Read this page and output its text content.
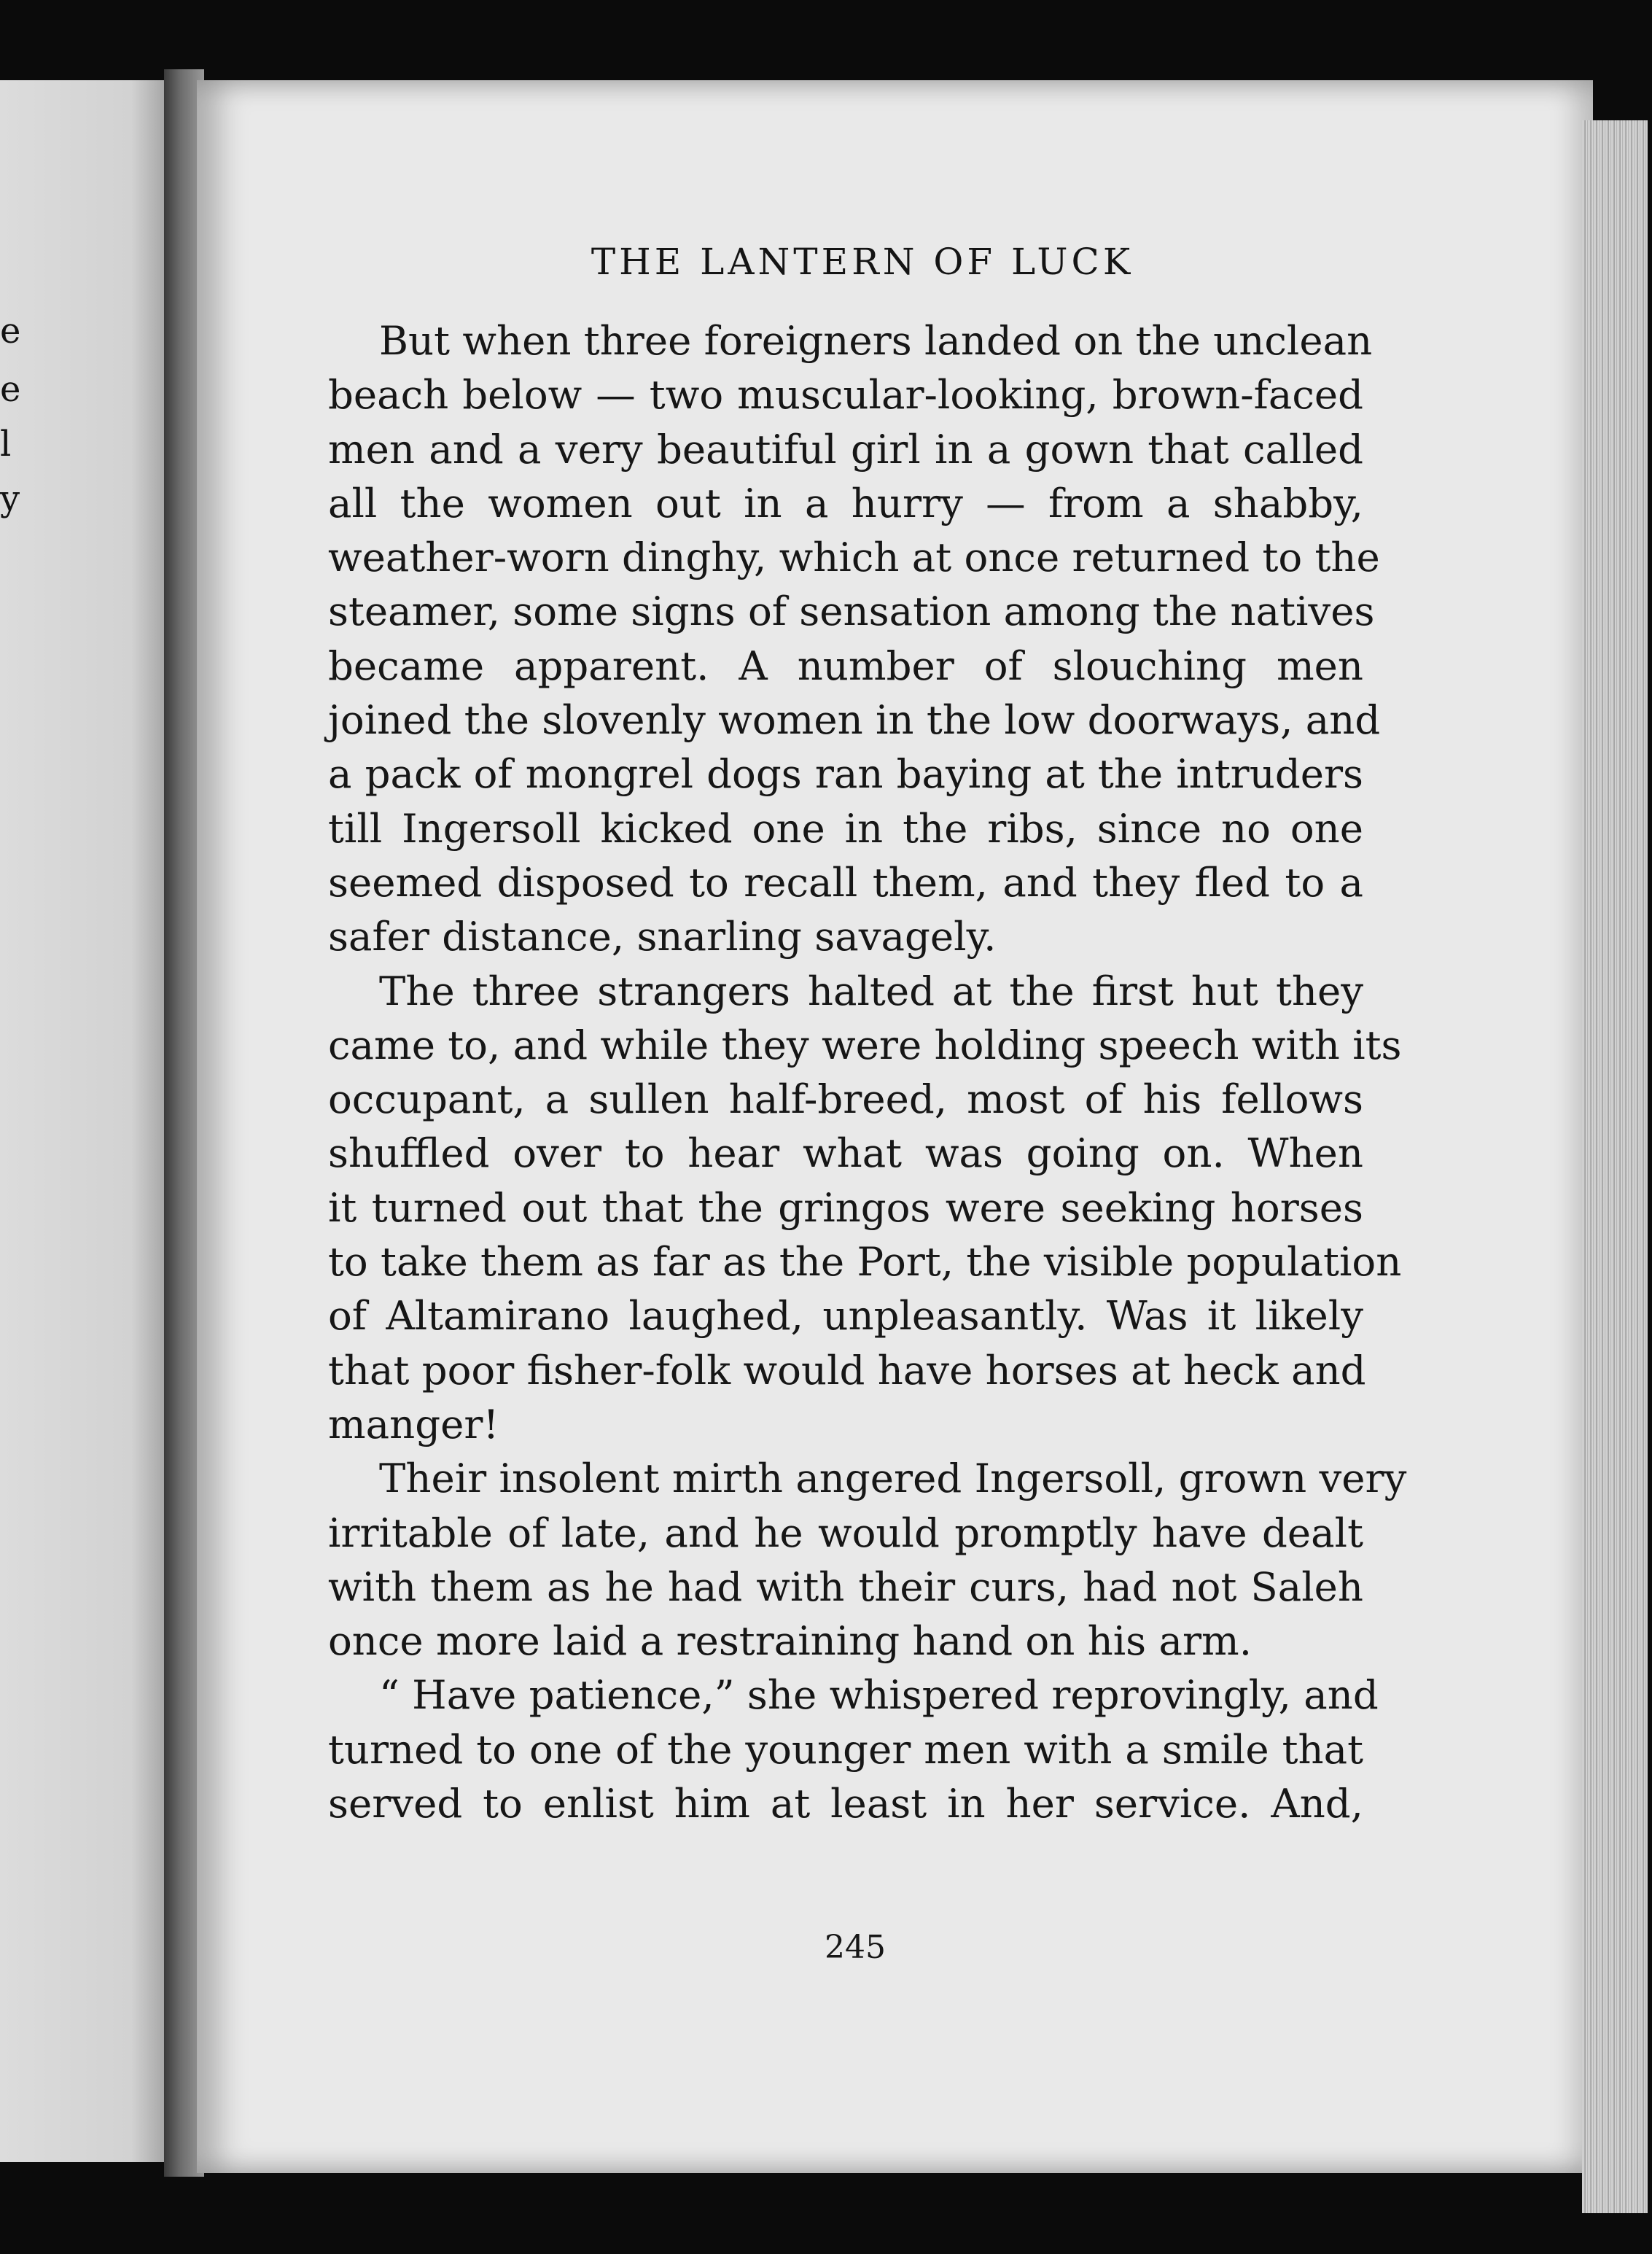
e
e
l
y
THE LANTERN OF LUCK
But when three foreigners landed on the unclean
beach below — two muscular-looking, brown-faced
men and a very beautiful girl in a gown that called
all the women out in a hurry — from a shabby,
weather-worn dinghy, which at once returned to the
steamer, some signs of sensation among the natives
became apparent. A number of slouching men
joined the slovenly women in the low doorways, and
a pack of mongrel dogs ran baying at the intruders
till Ingersoll kicked one in the ribs, since no one
seemed disposed to recall them, and they fled to a
safer distance, snarling savagely.
The three strangers halted at the first hut they
came to, and while they were holding speech with its
occupant, a sullen half-breed, most of his fellows
shuffled over to hear what was going on. When
it turned out that the gringos were seeking horses
to take them as far as the Port, the visible population
of Altamirano laughed, unpleasantly. Was it likely
that poor fisher-folk would have horses at heck and
manger!
Their insolent mirth angered Ingersoll, grown very
irritable of late, and he would promptly have dealt
with them as he had with their curs, had not Saleh
once more laid a restraining hand on his arm.
“ Have patience,” she whispered reprovingly, and
turned to one of the younger men with a smile that
served to enlist him at least in her service. And,
245
